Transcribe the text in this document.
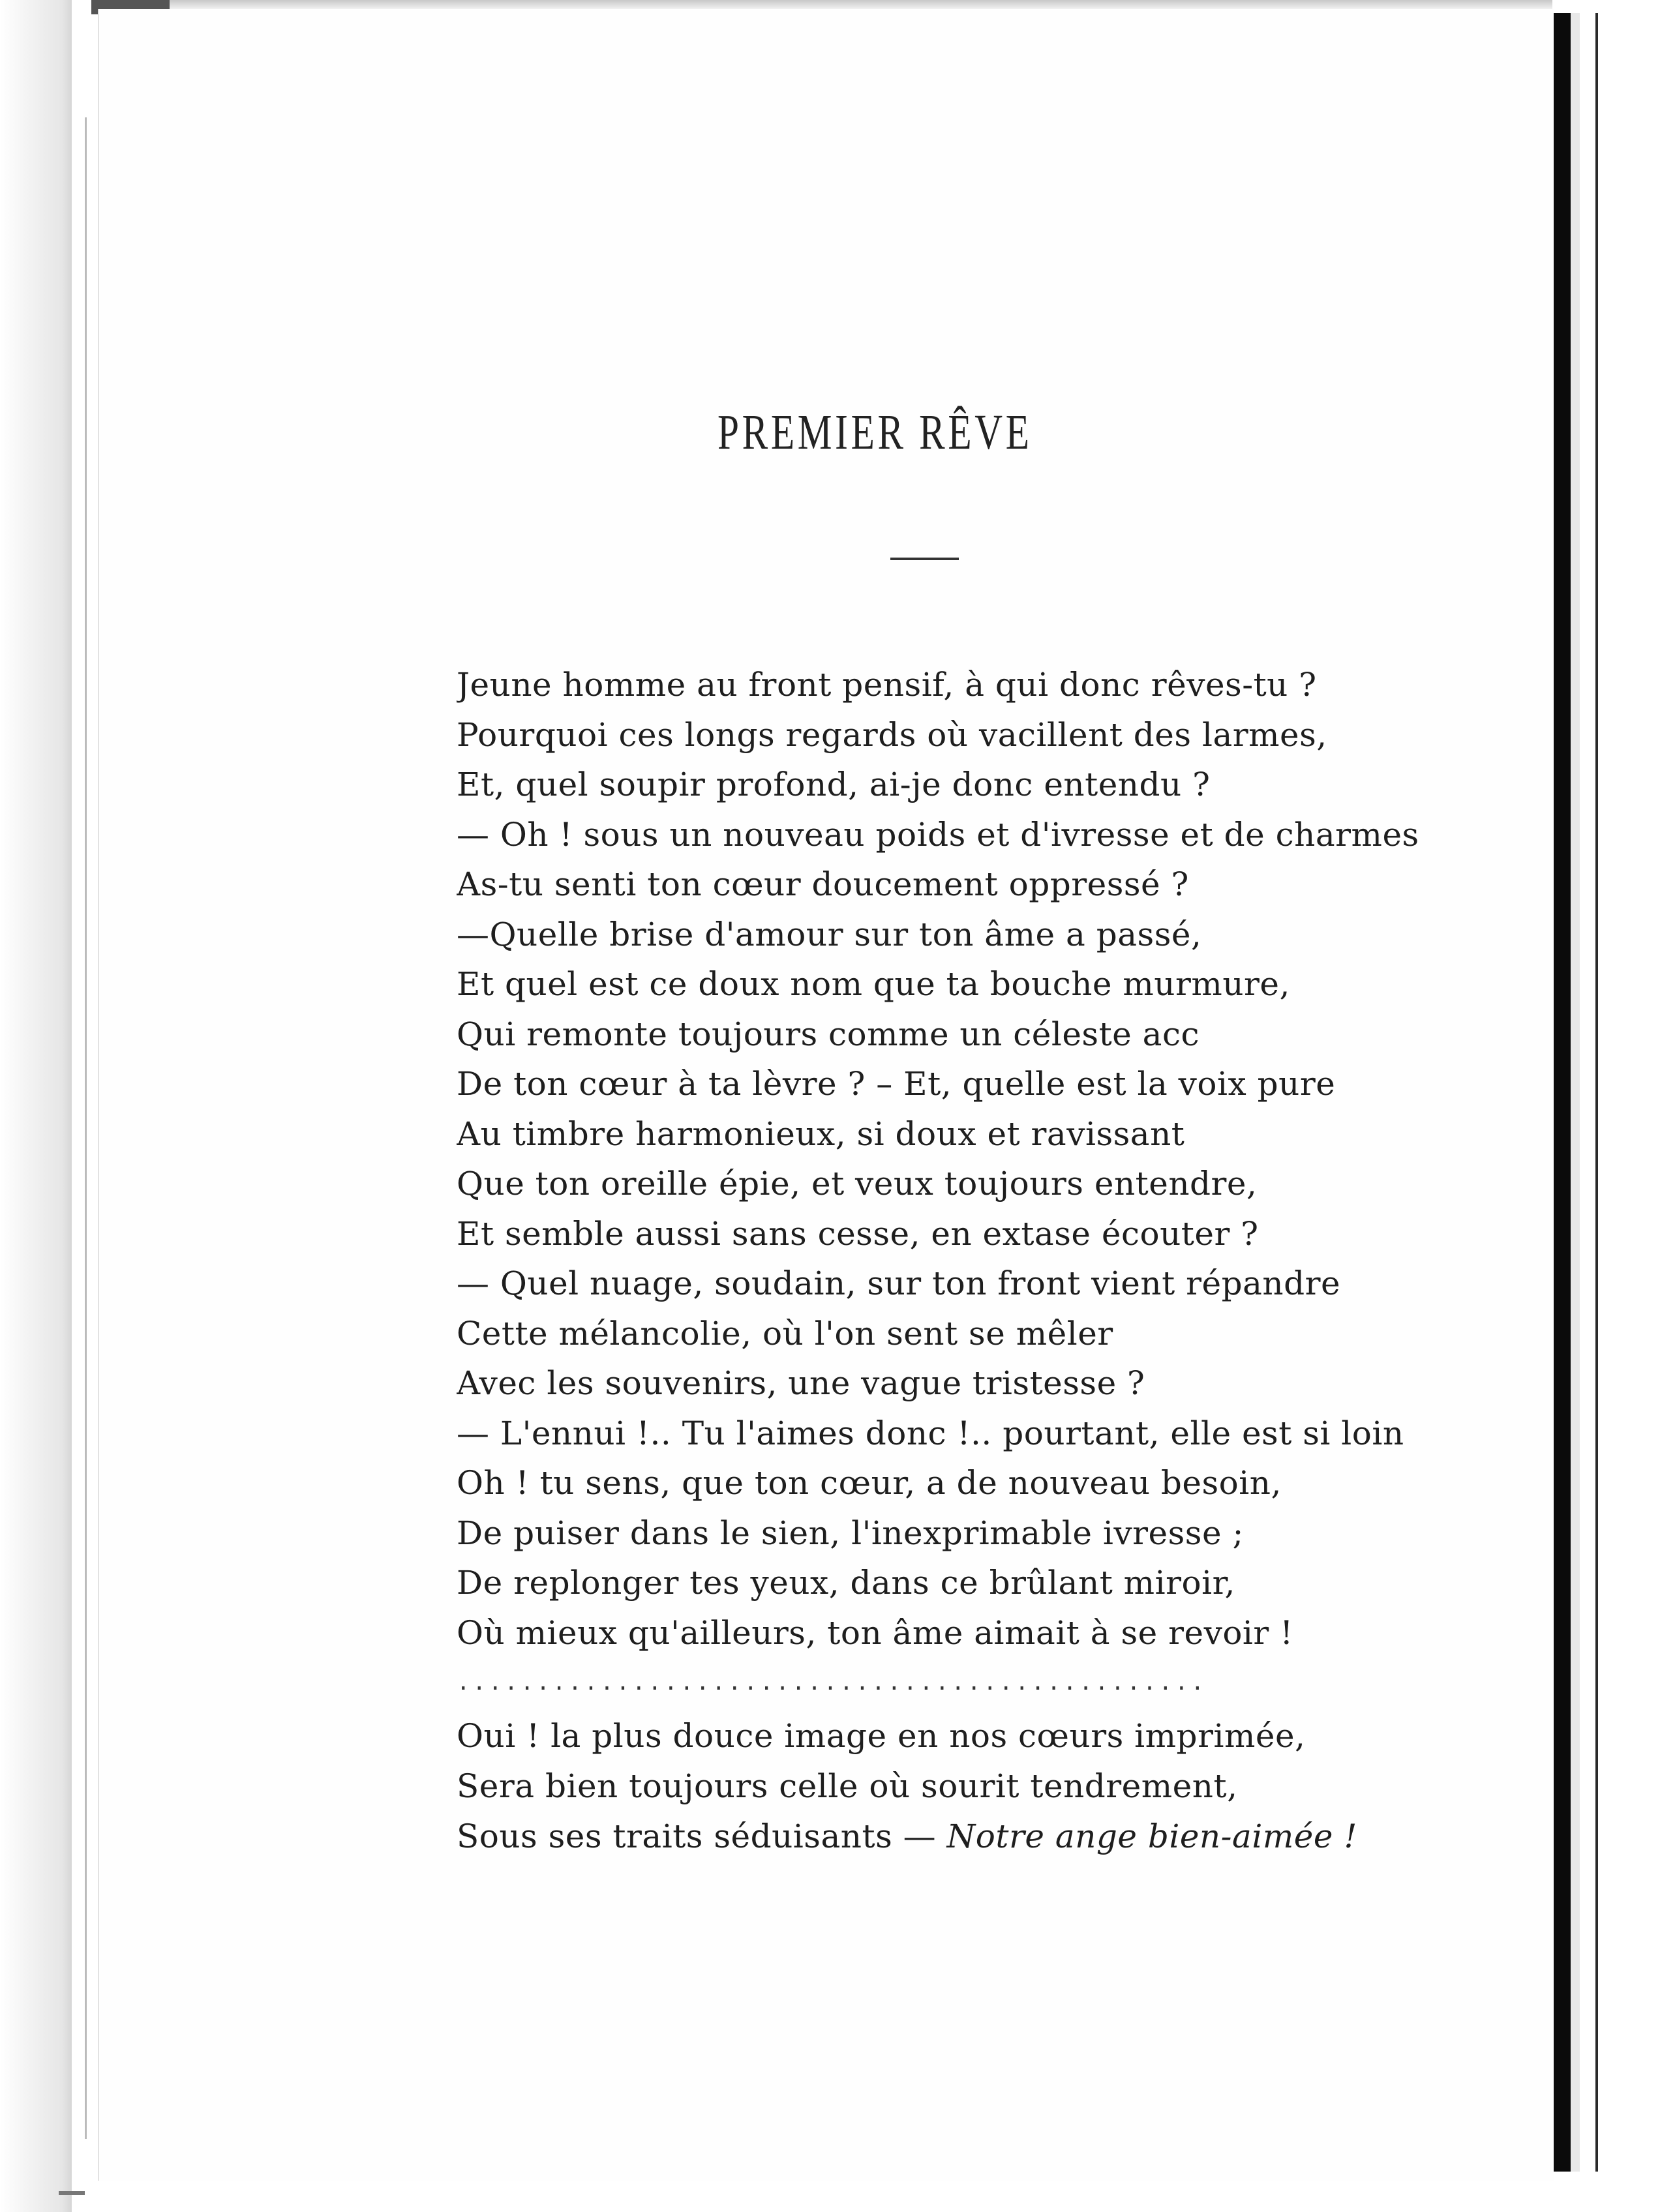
PREMIER RÊVE
Jeune homme au front pensif, à qui donc rêves-tu ?
Pourquoi ces longs regards où vacillent des larmes,
Et, quel soupir profond, ai-je donc entendu ?
— Oh ! sous un nouveau poids et d'ivresse et de charmes
As-tu senti ton cœur doucement oppressé ?
—Quelle brise d'amour sur ton âme a passé,
Et quel est ce doux nom que ta bouche murmure,
Qui remonte toujours comme un céleste acc
De ton cœur à ta lèvre ? – Et, quelle est la voix pure
Au timbre harmonieux, si doux et ravissant
Que ton oreille épie, et veux toujours entendre,
Et semble aussi sans cesse, en extase écouter ?
— Quel nuage, soudain, sur ton front vient répandre
Cette mélancolie, où l'on sent se mêler
Avec les souvenirs, une vague tristesse ?
— L'ennui !.. Tu l'aimes donc !.. pourtant, elle est si loin
Oh ! tu sens, que ton cœur, a de nouveau besoin,
De puiser dans le sien, l'inexprimable ivresse ;
De replonger tes yeux, dans ce brûlant miroir,
Où mieux qu'ailleurs, ton âme aimait à se revoir !
...............................................
Oui ! la plus douce image en nos cœurs imprimée,
Sera bien toujours celle où sourit tendrement,
Sous ses traits séduisants — Notre ange bien-aimée !
